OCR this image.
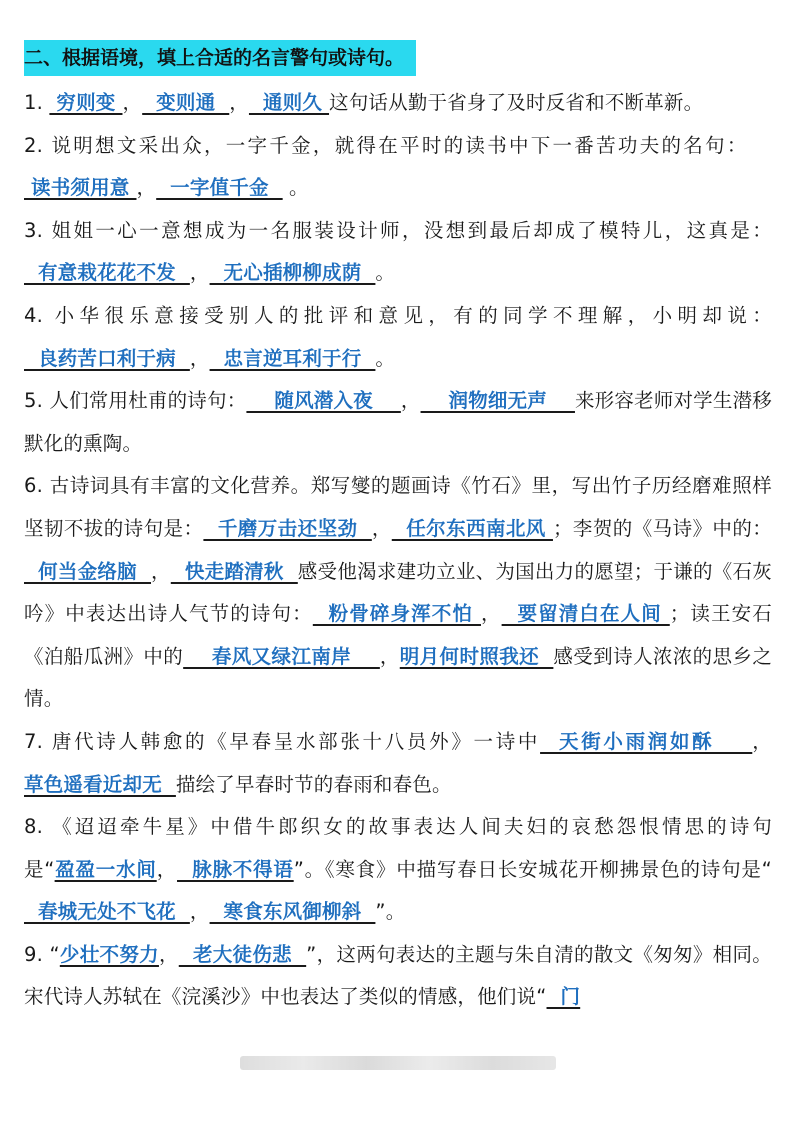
二、根据语境，填上合适的名言警句或诗句。
1.  穷则变 ，  变则通  ，  通则久 这句话从勤于省身了及时反省和不断革新。
2. 说明想文采出众，一字千金，就得在平时的读书中下一番苦功夫的名句：    读书须用意 ，  一字值千金   。
3. 姐姐一心一意想成为一名服装设计师，没想到最后却成了模特儿，这真是：  有意栽花花不发  ，  无心插柳柳成荫  。
4. 小华很乐意接受别人的批评和意见，有的同学不理解，小明却说：  良药苦口利于病  ，  忠言逆耳利于行  。
5. 人们常用杜甫的诗句：    随风潜入夜    ，    润物细无声    来形容老师对学生潜移默化的熏陶。
6. 古诗词具有丰富的文化营养。郑写燮的题画诗《竹石》里，写出竹子历经磨难照样坚韧不拔的诗句是：  千磨万击还坚劲  ，  任尔东西南北风 ；李贺的《马诗》中的：  何当金络脑  ，  快走踏清秋  感受他渴求建功立业、为国出力的愿望；于谦的《石灰吟》中表达出诗人气节的诗句：  粉骨碎身浑不怕 ，  要留清白在人间 ；读王安石《泊船瓜洲》中的    春风又绿江南岸    ，明月何时照我还  感受到诗人浓浓的思乡之情。
7. 唐代诗人韩愈的《早春呈水部张十八员外》一诗中  天街小雨润如酥    ，草色遥看近却无  描绘了早春时节的春雨和春色。
8. 《迢迢牵牛星》中借牛郎织女的故事表达人间夫妇的哀愁怨恨情思的诗句是“盈盈一水间，  脉脉不得语”。《寒食》中描写春日长安城花开柳拂景色的诗句是“  春城无处不飞花  ，  寒食东风御柳斜  ”。
9. “少壮不努力，  老大徒伤悲  ”，这两句表达的主题与朱自清的散文《匆匆》相同。宋代诗人苏轼在《浣溪沙》中也表达了类似的情感，他们说“  门
